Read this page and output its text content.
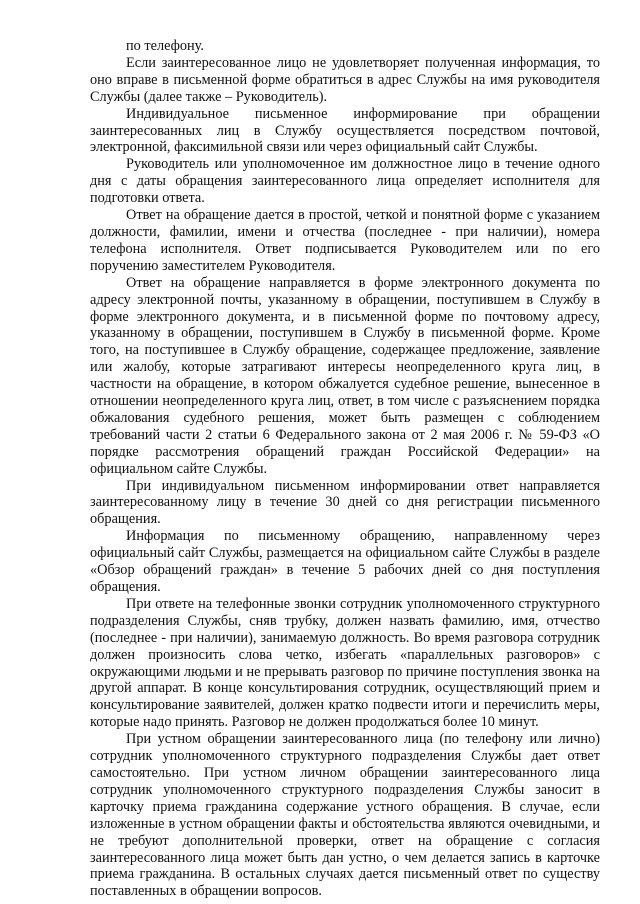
по телефону.

Если заинтересованное лицо не удовлетворяет полученная информация, то оно вправе в письменной форме обратиться в адрес Службы на имя руководителя Службы (далее также – Руководитель).

Индивидуальное письменное информирование при обращении заинтересованных лиц в Службу осуществляется посредством почтовой, электронной, факсимильной связи или через официальный сайт Службы.

Руководитель или уполномоченное им должностное лицо в течение одного дня с даты обращения заинтересованного лица определяет исполнителя для подготовки ответа.

Ответ на обращение дается в простой, четкой и понятной форме с указанием должности, фамилии, имени и отчества (последнее - при наличии), номера телефона исполнителя. Ответ подписывается Руководителем или по его поручению заместителем Руководителя.

Ответ на обращение направляется в форме электронного документа по адресу электронной почты, указанному в обращении, поступившем в Службу в форме электронного документа, и в письменной форме по почтовому адресу, указанному в обращении, поступившем в Службу в письменной форме. Кроме того, на поступившее в Службу обращение, содержащее предложение, заявление или жалобу, которые затрагивают интересы неопределенного круга лиц, в частности на обращение, в котором обжалуется судебное решение, вынесенное в отношении неопределенного круга лиц, ответ, в том числе с разъяснением порядка обжалования судебного решения, может быть размещен с соблюдением требований части 2 статьи 6 Федерального закона от 2 мая 2006 г. № 59-ФЗ «О порядке рассмотрения обращений граждан Российской Федерации» на официальном сайте Службы.

При индивидуальном письменном информировании ответ направляется заинтересованному лицу в течение 30 дней со дня регистрации письменного обращения.

Информация по письменному обращению, направленному через официальный сайт Службы, размещается на официальном сайте Службы в разделе «Обзор обращений граждан» в течение 5 рабочих дней со дня поступления обращения.

При ответе на телефонные звонки сотрудник уполномоченного структурного подразделения Службы, сняв трубку, должен назвать фамилию, имя, отчество (последнее - при наличии), занимаемую должность. Во время разговора сотрудник должен произносить слова четко, избегать «параллельных разговоров» с окружающими людьми и не прерывать разговор по причине поступления звонка на другой аппарат. В конце консультирования сотрудник, осуществляющий прием и консультирование заявителей, должен кратко подвести итоги и перечислить меры, которые надо принять. Разговор не должен продолжаться более 10 минут.

При устном обращении заинтересованного лица (по телефону или лично) сотрудник уполномоченного структурного подразделения Службы дает ответ самостоятельно. При устном личном обращении заинтересованного лица сотрудник уполномоченного структурного подразделения Службы заносит в карточку приема гражданина содержание устного обращения. В случае, если изложенные в устном обращении факты и обстоятельства являются очевидными, и не требуют дополнительной проверки, ответ на обращение с согласия заинтересованного лица может быть дан устно, о чем делается запись в карточке приема гражданина. В остальных случаях дается письменный ответ по существу поставленных в обращении вопросов.
